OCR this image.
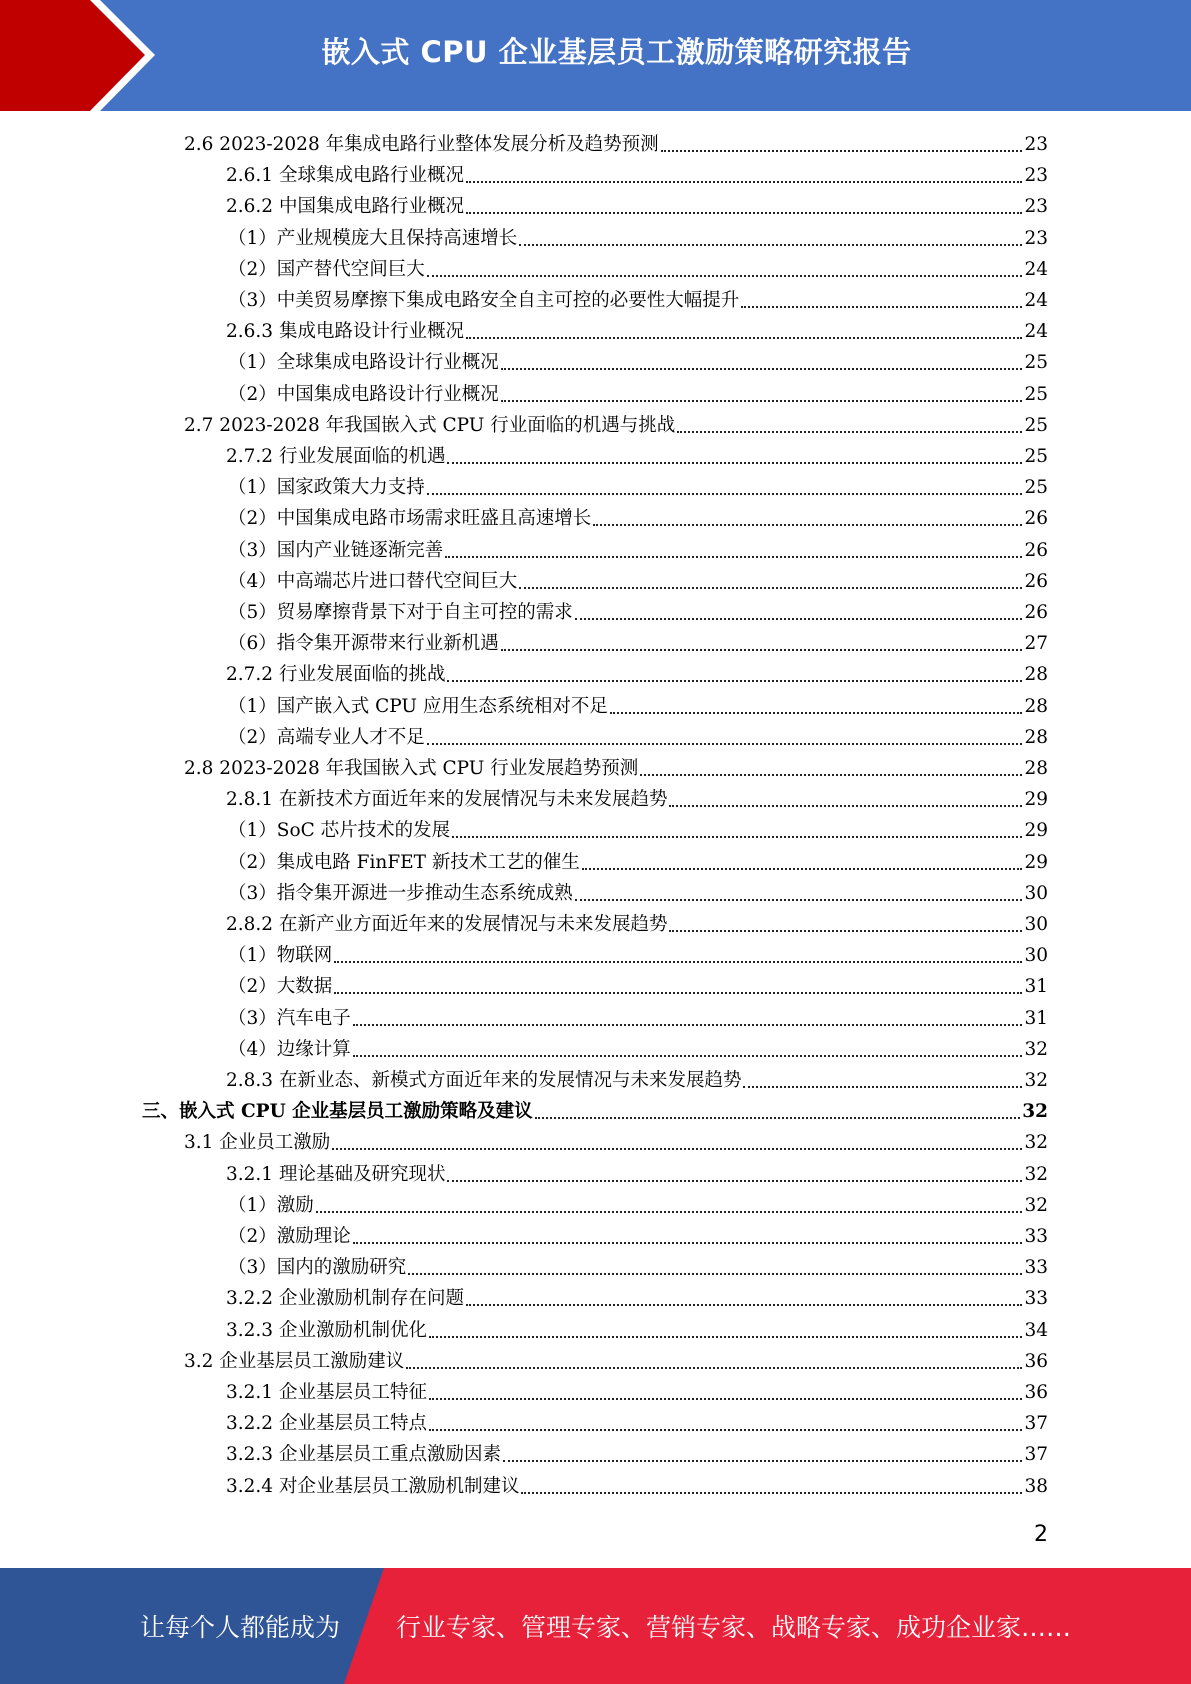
嵌入式 CPU 企业基层员工激励策略研究报告
2.6 2023-2028 年集成电路行业整体发展分析及趋势预测	23
2.6.1 全球集成电路行业概况	23
2.6.2 中国集成电路行业概况	23
（1）产业规模庞大且保持高速增长	23
（2）国产替代空间巨大	24
（3）中美贸易摩擦下集成电路安全自主可控的必要性大幅提升	24
2.6.3 集成电路设计行业概况	24
（1）全球集成电路设计行业概况	25
（2）中国集成电路设计行业概况	25
2.7 2023-2028 年我国嵌入式 CPU 行业面临的机遇与挑战	25
2.7.2 行业发展面临的机遇	25
（1）国家政策大力支持	25
（2）中国集成电路市场需求旺盛且高速增长	26
（3）国内产业链逐渐完善	26
（4）中高端芯片进口替代空间巨大	26
（5）贸易摩擦背景下对于自主可控的需求	26
（6）指令集开源带来行业新机遇	27
2.7.2 行业发展面临的挑战	28
（1）国产嵌入式 CPU 应用生态系统相对不足	28
（2）高端专业人才不足	28
2.8 2023-2028 年我国嵌入式 CPU 行业发展趋势预测	28
2.8.1 在新技术方面近年来的发展情况与未来发展趋势	29
（1）SoC 芯片技术的发展	29
（2）集成电路 FinFET 新技术工艺的催生	29
（3）指令集开源进一步推动生态系统成熟	30
2.8.2 在新产业方面近年来的发展情况与未来发展趋势	30
（1）物联网	30
（2）大数据	31
（3）汽车电子	31
（4）边缘计算	32
2.8.3 在新业态、新模式方面近年来的发展情况与未来发展趋势	32
三、嵌入式 CPU 企业基层员工激励策略及建议	32
3.1 企业员工激励	32
3.2.1 理论基础及研究现状	32
（1）激励	32
（2）激励理论	33
（3）国内的激励研究	33
3.2.2 企业激励机制存在问题	33
3.2.3 企业激励机制优化	34
3.2 企业基层员工激励建议	36
3.2.1 企业基层员工特征	36
3.2.2 企业基层员工特点	37
3.2.3 企业基层员工重点激励因素	37
3.2.4 对企业基层员工激励机制建议	38
2
让每个人都能成为	行业专家、管理专家、营销专家、战略专家、成功企业家……
